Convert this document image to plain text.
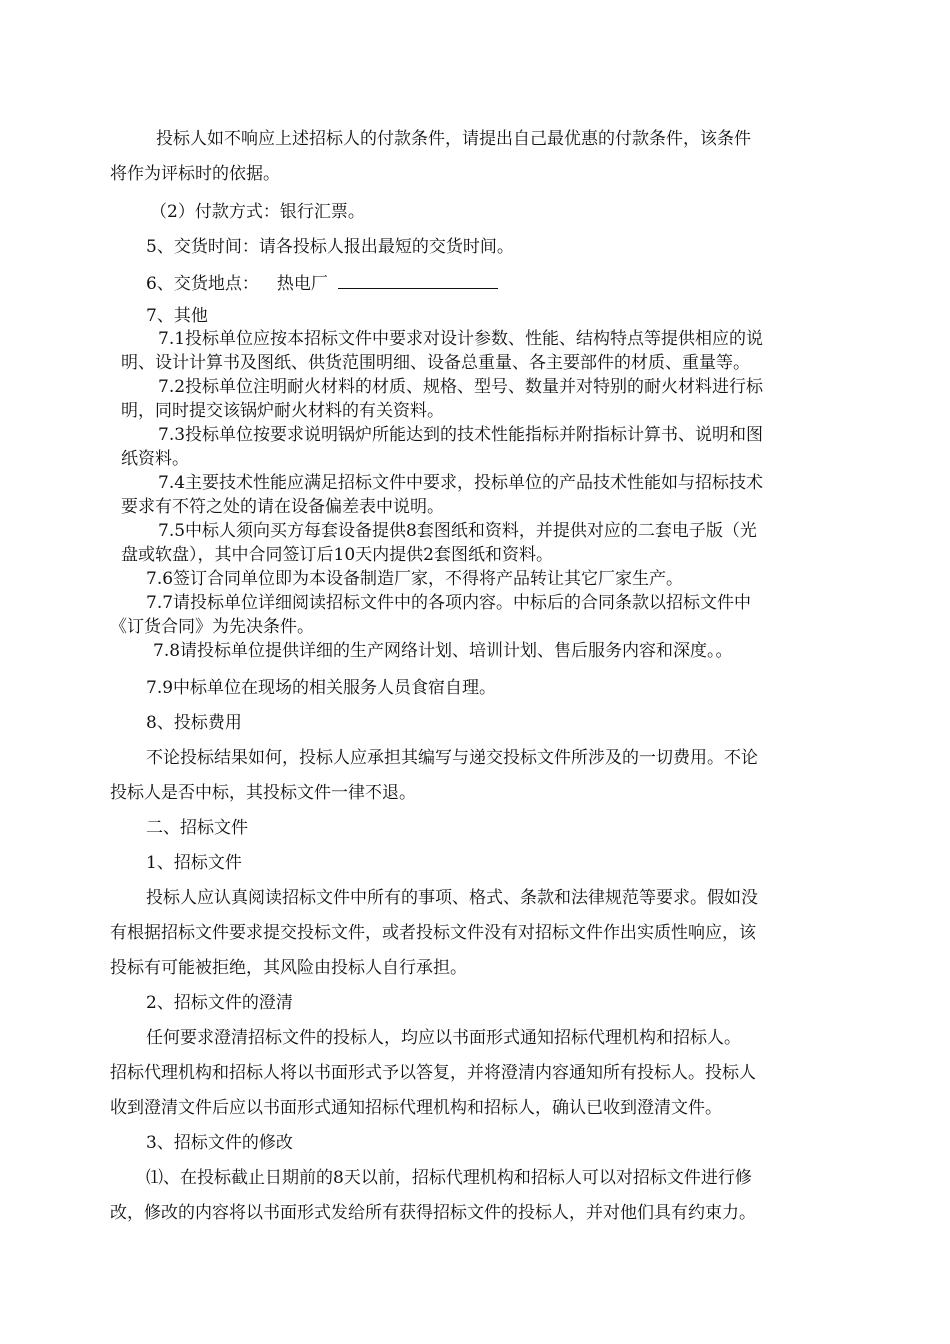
投标人如不响应上述招标人的付款条件，请提出自己最优惠的付款条件，该条件
将作为评标时的依据。
（2）付款方式：银行汇票。
5、交货时间：请各投标人报出最短的交货时间。
6、交货地点： 热电厂
7、其他
7.1投标单位应按本招标文件中要求对设计参数、性能、结构特点等提供相应的说
明、设计计算书及图纸、供货范围明细、设备总重量、各主要部件的材质、重量等。
7.2投标单位注明耐火材料的材质、规格、型号、数量并对特别的耐火材料进行标
明，同时提交该锅炉耐火材料的有关资料。
7.3投标单位按要求说明锅炉所能达到的技术性能指标并附指标计算书、说明和图
纸资料。
7.4主要技术性能应满足招标文件中要求，投标单位的产品技术性能如与招标技术
要求有不符之处的请在设备偏差表中说明。
7.5中标人须向买方每套设备提供8套图纸和资料，并提供对应的二套电子版（光
盘或软盘），其中合同签订后10天内提供2套图纸和资料。
7.6签订合同单位即为本设备制造厂家，不得将产品转让其它厂家生产。
7.7请投标单位详细阅读招标文件中的各项内容。中标后的合同条款以招标文件中
《订货合同》为先决条件。
7.8请投标单位提供详细的生产网络计划、培训计划、售后服务内容和深度。。
7.9中标单位在现场的相关服务人员食宿自理。
8、投标费用
不论投标结果如何，投标人应承担其编写与递交投标文件所涉及的一切费用。不论
投标人是否中标，其投标文件一律不退。
二、招标文件
1、招标文件
投标人应认真阅读招标文件中所有的事项、格式、条款和法律规范等要求。假如没
有根据招标文件要求提交投标文件，或者投标文件没有对招标文件作出实质性响应，该
投标有可能被拒绝，其风险由投标人自行承担。
2、招标文件的澄清
任何要求澄清招标文件的投标人，均应以书面形式通知招标代理机构和招标人。
招标代理机构和招标人将以书面形式予以答复，并将澄清内容通知所有投标人。投标人
收到澄清文件后应以书面形式通知招标代理机构和招标人，确认已收到澄清文件。
3、招标文件的修改
⑴、在投标截止日期前的8天以前，招标代理机构和招标人可以对招标文件进行修
改，修改的内容将以书面形式发给所有获得招标文件的投标人，并对他们具有约束力。
